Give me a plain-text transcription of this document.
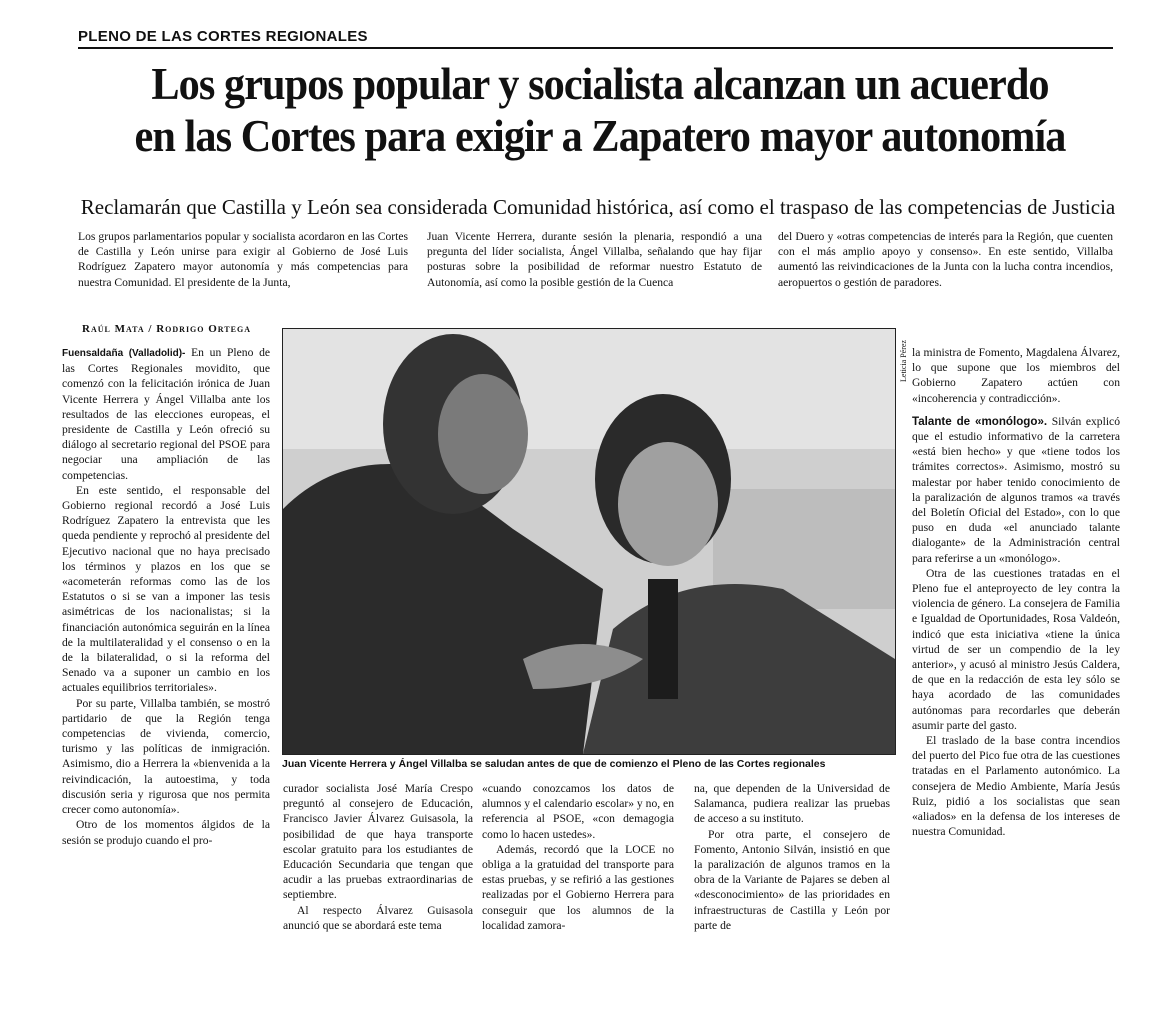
PLENO DE LAS CORTES REGIONALES
Los grupos popular y socialista alcanzan un acuerdo
en las Cortes para exigir a Zapatero mayor autonomía
Reclamarán que Castilla y León sea considerada Comunidad histórica, así como el traspaso de las competencias de Justicia

Los grupos parlamentarios popular y socialista acordaron en las Cortes de Castilla y León unirse para exigir al Gobierno de José Luis Rodríguez Zapatero mayor autonomía y más competencias para nuestra Comunidad. El presidente de la Junta,

Juan Vicente Herrera, durante sesión la plenaria, respondió a una pregunta del líder socialista, Ángel Villalba, señalando que hay fijar posturas sobre la posibilidad de reformar nuestro Estatuto de Autonomía, así como la posible gestión de la Cuenca

del Duero y «otras competencias de interés para la Región, que cuenten con el más amplio apoyo y consenso». En este sentido, Villalba aumentó las reivindicaciones de la Junta con la lucha contra incendios, aeropuertos o gestión de paradores.

Raúl Mata / Rodrigo Ortega

Fuensaldaña (Valladolid)- En un Pleno de las Cortes Regionales movidito, que comenzó con la felicitación irónica de Juan Vicente Herrera y Ángel Villalba ante los resultados de las elecciones europeas, el presidente de Castilla y León ofreció su diálogo al secretario regional del PSOE para negociar una ampliación de las competencias.

En este sentido, el responsable del Gobierno regional recordó a José Luis Rodríguez Zapatero la entrevista que les queda pendiente y reprochó al presidente del Ejecutivo nacional que no haya precisado los términos y plazos en los que se «acometerán reformas como las de los Estatutos o si se van a imponer las tesis asimétricas de los nacionalistas; si la financiación autonómica seguirán en la línea de la multilateralidad y el consenso o en la de la bilateralidad, o si la reforma del Senado va a suponer un cambio en los actuales equilibrios territoriales».

Por su parte, Villalba también, se mostró partidario de que la Región tenga competencias de vivienda, comercio, turismo y las políticas de inmigración. Asimismo, dio a Herrera la «bienvenida a la reivindicación, la autoestima, y toda discusión seria y rigurosa que nos permita crecer como autonomía».

Otro de los momentos álgidos de la sesión se produjo cuando el pro-

Juan Vicente Herrera y Ángel Villalba se saludan antes de que de comienzo el Pleno de las Cortes regionales
Leticia Pérez

curador socialista José María Crespo preguntó al consejero de Educación, Francisco Javier Álvarez Guisasola, la posibilidad de que haya transporte escolar gratuito para los estudiantes de Educación Secundaria que tengan que acudir a las pruebas extraordinarias de septiembre.

Al respecto Álvarez Guisasola anunció que se abordará este tema

«cuando conozcamos los datos de alumnos y el calendario escolar» y no, en referencia al PSOE, «con demagogia como lo hacen ustedes».

Además, recordó que la LOCE no obliga a la gratuidad del transporte para estas pruebas, y se refirió a las gestiones realizadas por el Gobierno Herrera para conseguir que los alumnos de la localidad zamora-

na, que dependen de la Universidad de Salamanca, pudiera realizar las pruebas de acceso a su instituto.

Por otra parte, el consejero de Fomento, Antonio Silván, insistió en que la paralización de algunos tramos en la obra de la Variante de Pajares se deben al «desconocimiento» de las prioridades en infraestructuras de Castilla y León por parte de

la ministra de Fomento, Magdalena Álvarez, lo que supone que los miembros del Gobierno Zapatero actúen con «incoherencia y contradicción».

Talante de «monólogo». Silván explicó que el estudio informativo de la carretera «está bien hecho» y que «tiene todos los trámites correctos». Asimismo, mostró su malestar por haber tenido conocimiento de la paralización de algunos tramos «a través del Boletín Oficial del Estado», con lo que puso en duda «el anunciado talante dialogante» de la Administración central para referirse a un «monólogo».

Otra de las cuestiones tratadas en el Pleno fue el anteproyecto de ley contra la violencia de género. La consejera de Familia e Igualdad de Oportunidades, Rosa Valdeón, indicó que esta iniciativa «tiene la única virtud de ser un compendio de la ley anterior», y acusó al ministro Jesús Caldera, de que en la redacción de esta ley sólo se haya acordado de las comunidades autónomas para recordarles que deberán asumir parte del gasto.

El traslado de la base contra incendios del puerto del Pico fue otra de las cuestiones tratadas en el Parlamento autonómico. La consejera de Medio Ambiente, María Jesús Ruiz, pidió a los socialistas que sean «aliados» en la defensa de los intereses de nuestra Comunidad.
